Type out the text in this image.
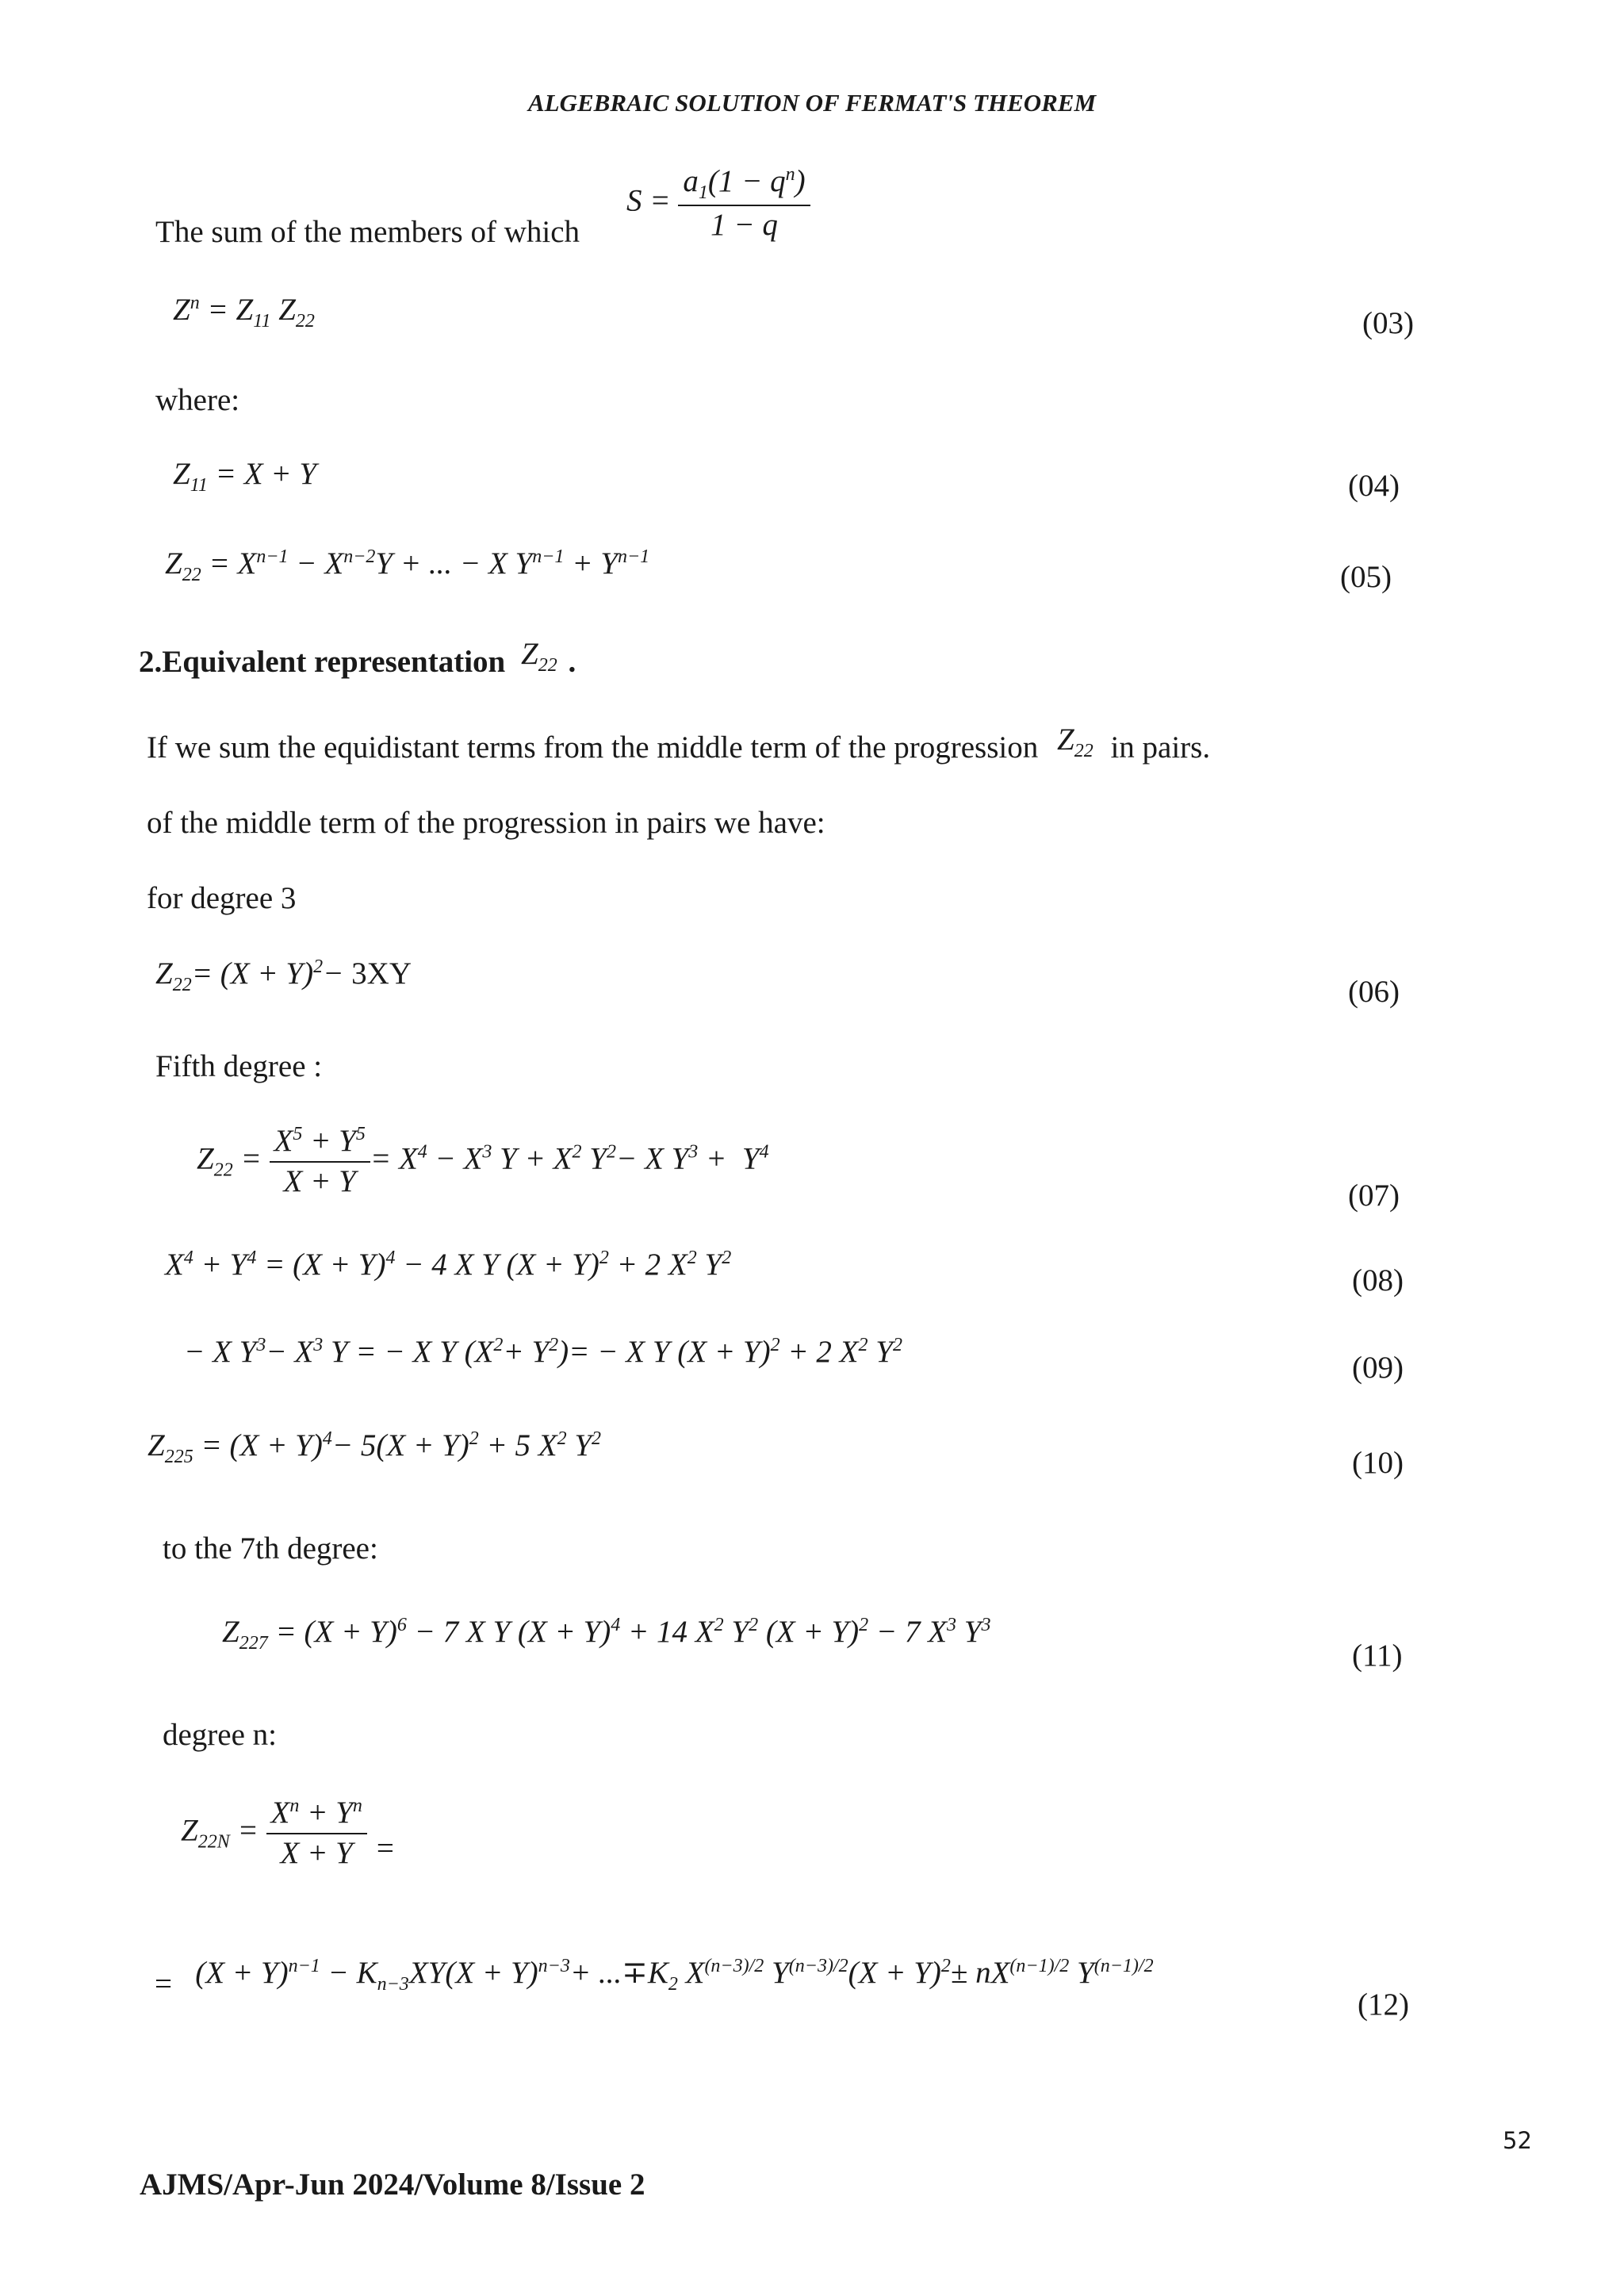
ALGEBRAIC SOLUTION OF FERMAT'S THEOREM
The sum of the members of which
$S = \frac{a_1(1 - q^n)}{1 - q}$
$Z^n = Z_{11}$ $Z_{22}$	(03)
where:
$Z_{11} = X + Y$	(04)
$Z_{22} = X^{n-1} - X^{n-2}Y$ + ... − X $Y^{n-1} + Y^{n-1}$
(05)
2.Equivalent representation $Z_{22}$ .
If we sum the equidistant terms from the middle term of the progression $Z_{22}$ in pairs.
of the middle term of the progression in pairs we have:
for degree 3
$Z_{22}= (X + Y)^2- 3XY$
(06)
Fifth degree :
$Z_{22} = \frac{X^5 + Y^5}{X + Y} = X^4 - X^3$ $Y + X^2$ $Y^2- X$ $Y^3 + Y^4$
(07)
$X^4 + Y^4 = (X + Y)^4 - 4$ X Y $(X + Y)^2 + 2$ $X^2$ $Y^2$
(08)
− X $Y^3- X^3$ Y = − X Y $(X^2+ Y^2)= - X$ Y $(X + Y)^2 + 2$ $X^2$ $Y^2$
(09)
$Z_{225} = (X + Y)^4- 5(X + Y)^2 + 5$ $X^2$ $Y^2$
(10)
to the 7th degree:
$Z_{227} = (X + Y)^6 - 7$ X Y $(X + Y)^4 + 14$ $X^2$ $Y^2$ $(X + Y)^2 - 7$ $X^3$ $Y^3$
(11)
degree n:
$Z_{22N} = \frac{X^n + Y^n}{X + Y}$ =
=   $(X + Y)^{n-1} - K_{n-3}XY(X + Y)^{n-3}+ ...\mp K_2$ $X^{(n-3)/2}$ $Y^{(n-3)/2}(X + Y)^2\pm nX^{(n-1)/2}$ $Y^{(n-1)/2}$
(12)
52
AJMS/Apr-Jun 2024/Volume 8/Issue 2
